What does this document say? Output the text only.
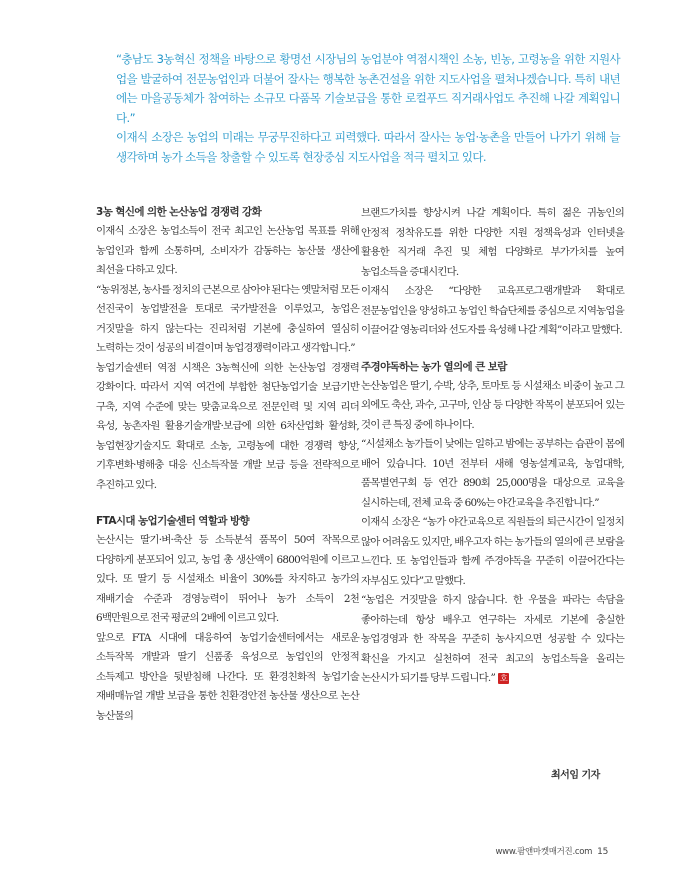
“충남도 3농혁신 정책을 바탕으로 황명선 시장님의 농업분야 역점시책인 소농, 빈농, 고령농을 위한 지원사업을 발굴하여 전문농업인과 더불어 잘사는 행복한 농촌건설을 위한 지도사업을 펼쳐나겠습니다. 특히 내년에는 마을공동체가 참여하는 소규모 다품목 기술보급을 통한 로컬푸드 직거래사업도 추진해 나갈 계획입니다.”

이재식 소장은 농업의 미래는 무궁무진하다고 피력했다. 따라서 잘사는 농업·농촌을 만들어 나가기 위해 늘 생각하며 농가 소득을 창출할 수 있도록 현장중심 지도사업을 적극 펼치고 있다.

3농 혁신에 의한 논산농업 경쟁력 강화

이재식 소장은 농업소득이 전국 최고인 논산농업 목표를 위해 농업인과 함께 소통하며, 소비자가 감동하는 농산물 생산에 최선을 다하고 있다.

“농위정본, 농사를 정치의 근본으로 삼아야 된다는 옛말처럼 모든 선진국이 농업발전을 토대로 국가발전을 이루었고, 농업은 거짓말을 하지 않는다는 진리처럼 기본에 충실하여 열심히 노력하는 것이 성공의 비결이며 농업경쟁력이라고 생각합니다.”

농업기술센터 역점 시책은 3농혁신에 의한 논산농업 경쟁력 강화이다. 따라서 지역 여건에 부합한 첨단농업기술 보급기반 구축, 지역 수준에 맞는 맞춤교육으로 전문인력 및 지역 리더 육성, 농촌자원 활용기술개발·보급에 의한 6차산업화 활성화, 농업현장기술지도 확대로 소농, 고령농에 대한 경쟁력 향상, 기후변화·병해충 대응 신소득작물 개발 보급 등을 전략적으로 추진하고 있다.

FTA시대 농업기술센터 역할과 방향

논산시는 딸기·벼·축산 등 소득분석 품목이 50여 작목으로 다양하게 분포되어 있고, 농업 총 생산액이 6800억원에 이르고 있다. 또 딸기 등 시설채소 비율이 30%를 차지하고 농가의 재배기술 수준과 경영능력이 뛰어나 농가 소득이 2천 6백만원으로 전국 평균의 2배에 이르고 있다.

앞으로 FTA 시대에 대응하여 농업기술센터에서는 새로운 소득작목 개발과 딸기 신품종 육성으로 농업인의 안정적 소득제고 방안을 뒷받침해 나간다. 또 환경친화적 농업기술 재배매뉴얼 개발 보급을 통한 친환경안전 농산물 생산으로 논산 농산물의

브랜드가치를 향상시켜 나갈 계획이다. 특히 젊은 귀농인의 안정적 정착유도를 위한 다양한 지원 정책육성과 인터넷을 활용한 직거래 추진 및 체험 다양화로 부가가치를 높여 농업소득을 증대시킨다.

이재식 소장은 “다양한 교육프로그램개발과 확대로 전문농업인을 양성하고 농업인 학습단체를 중심으로 지역농업을 이끌어갈 영농리더와 선도자를 육성해 나갈 계획”이라고 말했다.

주경야독하는 농가 열의에 큰 보람

논산농업은 딸기, 수박, 상추, 토마토 등 시설채소 비중이 높고 그 외에도 축산, 과수, 고구마, 인삼 등 다양한 작목이 분포되어 있는 것이 큰 특징 중에 하나이다.

“시설채소 농가들이 낮에는 일하고 밤에는 공부하는 습관이 몸에 배어 있습니다. 10년 전부터 새해 영농설계교육, 농업대학, 품목별연구회 등 연간 890회 25,000명을 대상으로 교육을 실시하는데, 전체 교육 중 60%는 야간교육을 추진합니다.”

이재식 소장은 “농가 야간교육으로 직원들의 퇴근시간이 일정치 않아 어려움도 있지만, 배우고자 하는 농가들의 열의에 큰 보람을 느낀다. 또 농업인들과 함께 주경야독을 꾸준히 이끌어간다는 자부심도 있다”고 말했다.

“농업은 거짓말을 하지 않습니다. 한 우물을 파라는 속담을 좋아하는데 항상 배우고 연구하는 자세로 기본에 충실한 농업경영과 한 작목을 꾸준히 농사지으면 성공할 수 있다는 확신을 가지고 실천하여 전국 최고의 농업소득을 올리는 논산시가 되기를 당부 드립니다.” 호

최서임 기자
www.팜앤마켓매거진.com 15
